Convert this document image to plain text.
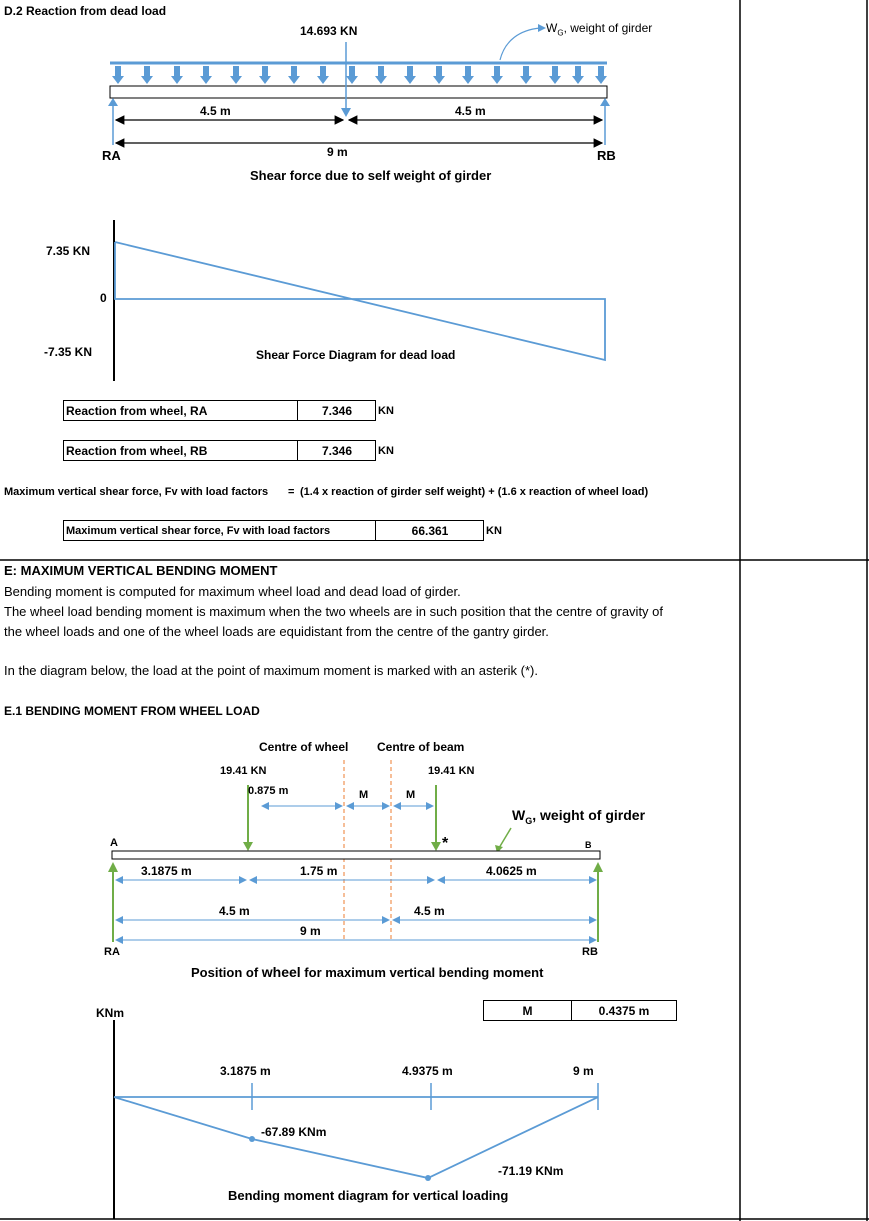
D.2 Reaction from dead load
14.693 KN	$W_G$, weight of girder
4.5 m	4.5 m
9 m
RA	RB
Shear force due to self weight of girder
7.35 KN
0
-7.35 KN	Shear Force Diagram for dead load
Reaction from wheel, RA	7.346	KN
Reaction from wheel, RB	7.346	KN
Maximum vertical shear force, Fv with load factors = (1.4 x reaction of girder self weight) + (1.6 x reaction of wheel load)
Maximum vertical shear force, Fv with load factors	66.361	KN
E: MAXIMUM VERTICAL BENDING MOMENT
Bending moment is computed for maximum wheel load and dead load of girder.
The wheel load bending moment is maximum when the two wheels are in such position that the centre of gravity of
the wheel loads and one of the wheel loads are equidistant from the centre of the gantry girder.
In the diagram below, the load at the point of maximum moment is marked with an asterik (*).
E.1 BENDING MOMENT FROM WHEEL LOAD
Centre of wheel Centre of beam
19.41 KN	19.41 KN
0.875 m	M	M
$W_G$, weight of girder
A	B
*
3.1875 m	1.75 m	4.0625 m
4.5 m	4.5 m
9 m
RA	RB
Position of wheel for maximum vertical bending moment
M	0.4375 m
KNm
3.1875 m	4.9375 m	9 m
-67.89 KNm
-71.19 KNm
Bending moment diagram for vertical loading
